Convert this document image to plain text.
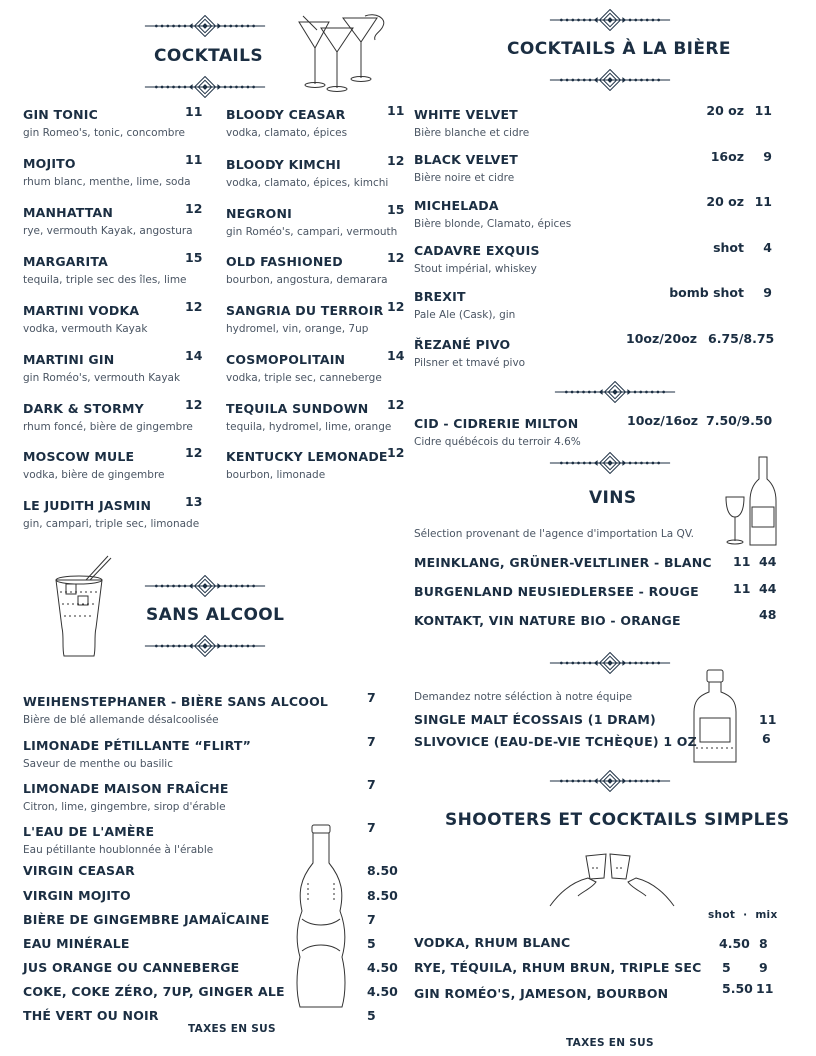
COCKTAILS
GIN TONIC
gin Romeo's, tonic, concombre
11
MOJITO
rhum blanc, menthe, lime, soda
11
MANHATTAN
rye, vermouth Kayak, angostura
12
MARGARITA
tequila, triple sec des îles, lime
15
MARTINI VODKA
vodka, vermouth Kayak
12
MARTINI GIN
gin Roméo's, vermouth Kayak
14
DARK & STORMY
rhum foncé, bière de gingembre
12
MOSCOW MULE
vodka, bière de gingembre
12
LE JUDITH JASMIN
gin, campari, triple sec, limonade
13
BLOODY CEASAR
vodka, clamato, épices
11
BLOODY KIMCHI
vodka, clamato, épices, kimchi
12
NEGRONI
gin Roméo's, campari, vermouth
15
OLD FASHIONED
bourbon, angostura, demarara
12
SANGRIA DU TERROIR
hydromel, vin, orange, 7up
12
COSMOPOLITAIN
vodka, triple sec, canneberge
14
TEQUILA SUNDOWN
tequila, hydromel, lime, orange
12
KENTUCKY LEMONADE
bourbon, limonade
12
SANS ALCOOL
WEIHENSTEPHANER - BIÈRE SANS ALCOOL
Bière de blé allemande désalcoolisée
7
LIMONADE PÉTILLANTE “FLIRT”
Saveur de menthe ou basilic
7
LIMONADE MAISON FRAÎCHE
Citron, lime, gingembre, sirop d'érable
7
L'EAU DE L'AMÈRE
Eau pétillante houblonnée à l'érable
7
VIRGIN CEASAR	8.50
VIRGIN MOJITO	8.50
BIÈRE DE GINGEMBRE JAMAÏCAINE	7
EAU MINÉRALE	5
JUS ORANGE OU CANNEBERGE	4.50
COKE, COKE ZÉRO, 7UP, GINGER ALE	4.50
THÉ VERT OU NOIR	5
TAXES EN SUS
COCKTAILS À LA BIÈRE
WHITE VELVET
Bière blanche et cidre
20 oz 11
BLACK VELVET
Bière noire et cidre
16oz 9
MICHELADA
Bière blonde, Clamato, épices
20 oz 11
CADAVRE EXQUIS
Stout impérial, whiskey
shot 4
BREXIT
Pale Ale (Cask), gin
bomb shot 9
ŘEZANÉ PIVO
Pilsner et tmavé pivo
10oz/20oz 6.75/8.75
CID - CIDRERIE MILTON
Cidre québécois du terroir 4.6%
10oz/16oz 7.50/9.50
VINS
Sélection provenant de l'agence d'importation La QV.
MEINKLANG, GRÜNER-VELTLINER - BLANC 11 44
BURGENLAND NEUSIEDLERSEE - ROUGE	11 44
KONTAKT, VIN NATURE BIO - ORANGE	48
Demandez notre séléction à notre équipe
SINGLE MALT ÉCOSSAIS (1 DRAM)	11
SLIVOVICE (EAU-DE-VIE TCHÈQUE) 1 OZ	6
SHOOTERS ET COCKTAILS SIMPLES
shot · mix
VODKA, RHUM BLANC	4.50 8
RYE, TÉQUILA, RHUM BRUN, TRIPLE SEC 5 9
GIN ROMÉO'S, JAMESON, BOURBON	5.50 11
TAXES EN SUS
